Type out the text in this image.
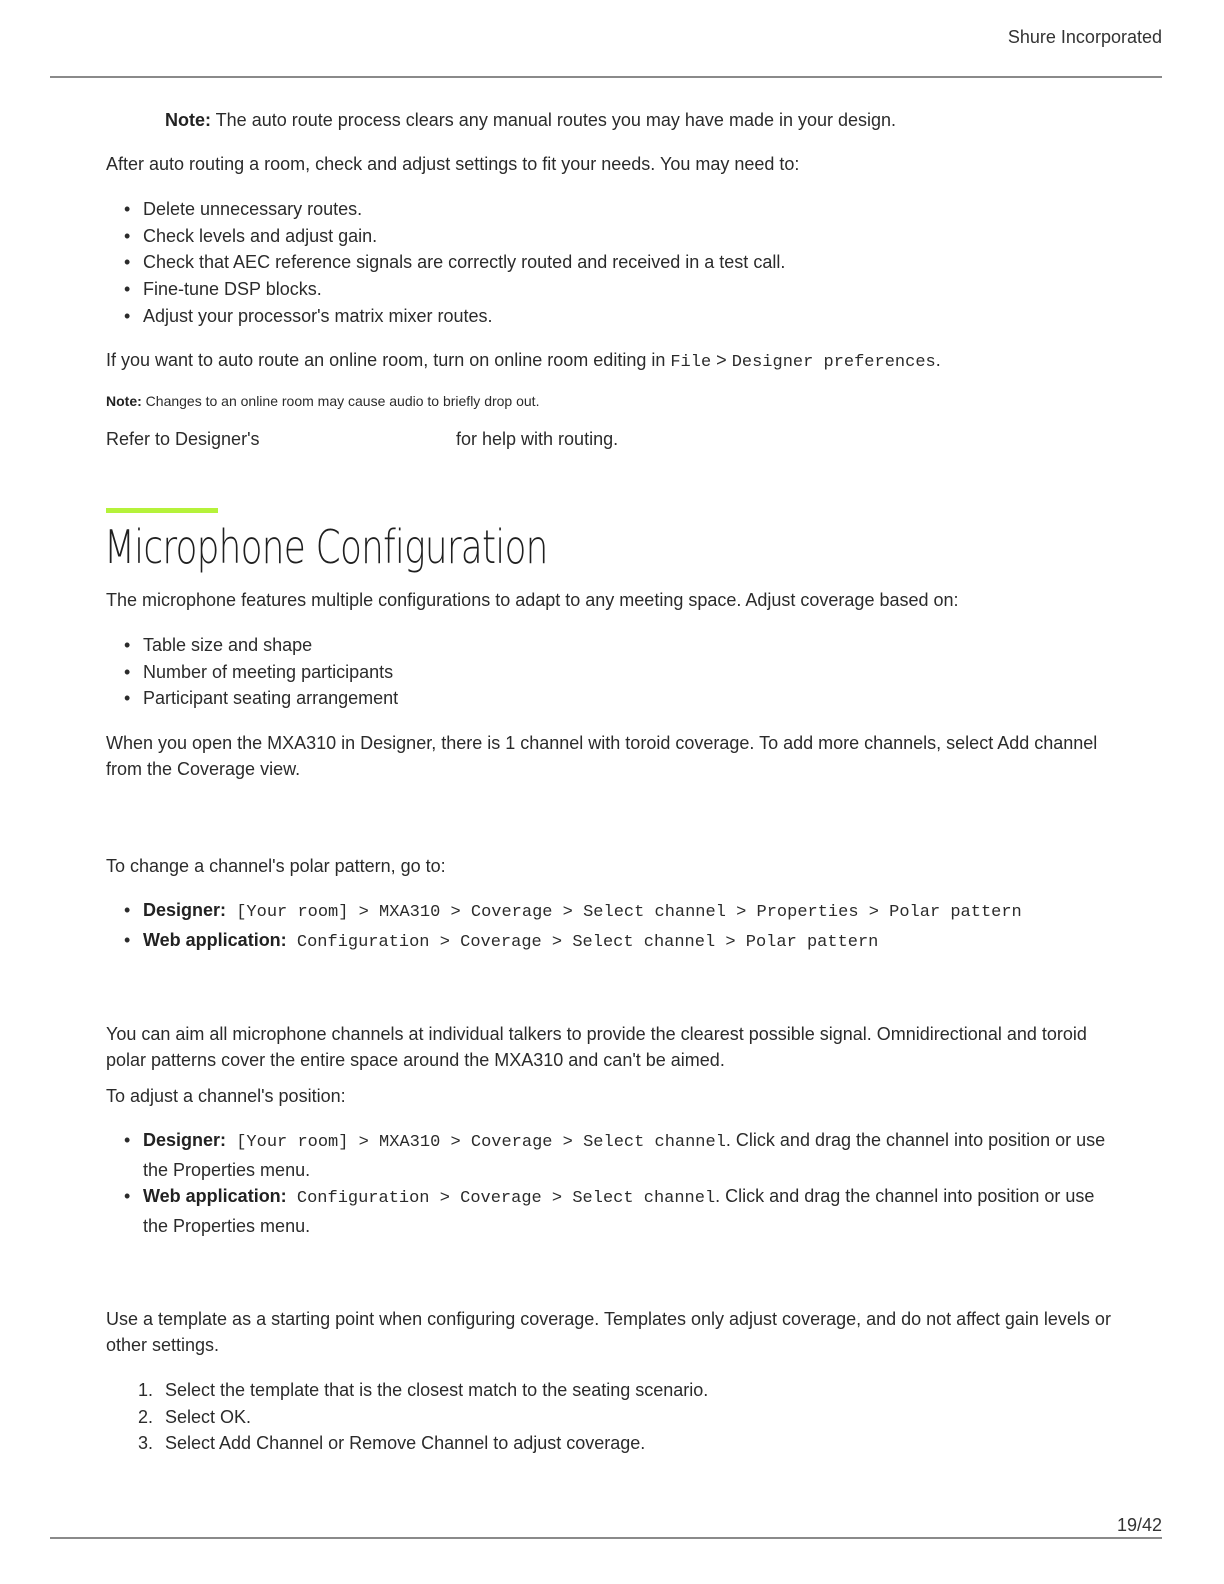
Shure Incorporated
Note: The auto route process clears any manual routes you may have made in your design.
After auto routing a room, check and adjust settings to fit your needs. You may need to:
• Delete unnecessary routes.
• Check levels and adjust gain.
• Check that AEC reference signals are correctly routed and received in a test call.
• Fine-tune DSP blocks.
• Adjust your processor's matrix mixer routes.
If you want to auto route an online room, turn on online room editing in File > Designer preferences.
Note: Changes to an online room may cause audio to briefly drop out.
Refer to Designer's	for help with routing.
Microphone Configuration
The microphone features multiple configurations to adapt to any meeting space. Adjust coverage based on:
• Table size and shape
• Number of meeting participants
• Participant seating arrangement
When you open the MXA310 in Designer, there is 1 channel with toroid coverage. To add more channels, select Add channel from the Coverage view.
To change a channel's polar pattern, go to:
• Designer: [Your room] > MXA310 > Coverage > Select channel > Properties > Polar pattern
• Web application: Configuration > Coverage > Select channel > Polar pattern
You can aim all microphone channels at individual talkers to provide the clearest possible signal. Omnidirectional and toroid polar patterns cover the entire space around the MXA310 and can't be aimed.
To adjust a channel's position:
• Designer: [Your room] > MXA310 > Coverage > Select channel. Click and drag the channel into position or use the Properties menu.
• Web application: Configuration > Coverage > Select channel. Click and drag the channel into position or use the Properties menu.
Use a template as a starting point when configuring coverage. Templates only adjust coverage, and do not affect gain levels or other settings.
1. Select the template that is the closest match to the seating scenario.
2. Select OK.
3. Select Add Channel or Remove Channel to adjust coverage.
19/42
